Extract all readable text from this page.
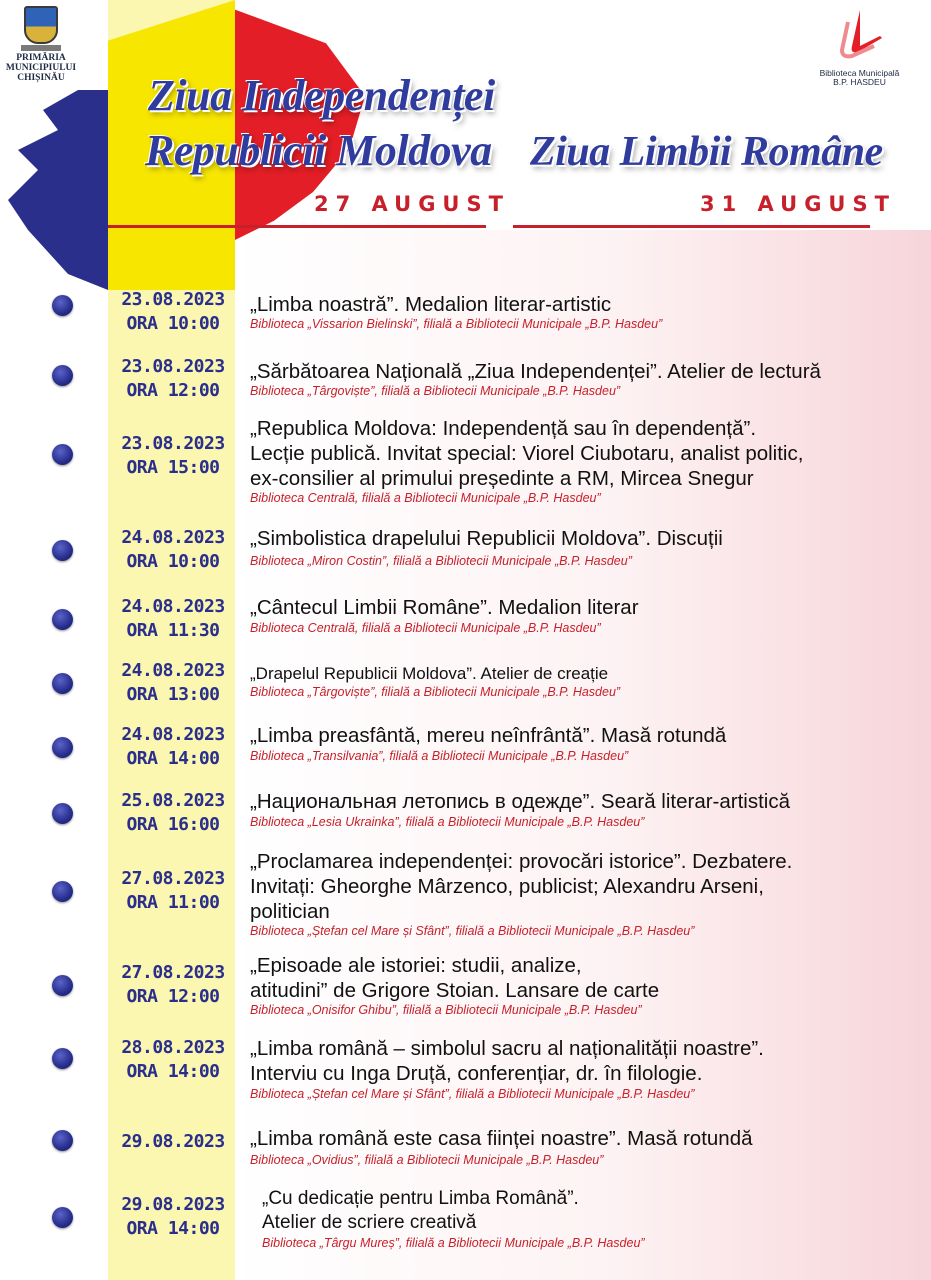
PRIMĂRIA
MUNICIPIULUI
CHIȘINĂU	Biblioteca Municipală
B.P. HASDEU
Ziua Independenței
Republicii Moldova Ziua Limbii Române
27 AUGUST	31 AUGUST
23.08.2023
ORA 10:00
„Limba noastră”. Medalion literar-artistic
Biblioteca „Vissarion Bielinski”, filială a Bibliotecii Municipale „B.P. Hasdeu”
23.08.2023
ORA 12:00
„Sărbătoarea Națională „Ziua Independenței”. Atelier de lectură
Biblioteca „Târgoviște”, filială a Bibliotecii Municipale „B.P. Hasdeu”
23.08.2023
ORA 15:00
„Republica Moldova: Independență sau în dependență”.
Lecție publică. Invitat special: Viorel Ciubotaru, analist politic,
ex-consilier al primului președinte a RM, Mircea Snegur
Biblioteca Centrală, filială a Bibliotecii Municipale „B.P. Hasdeu”
24.08.2023
ORA 10:00
„Simbolistica drapelului Republicii Moldova”. Discuții
Biblioteca „Miron Costin”, filială a Bibliotecii Municipale „B.P. Hasdeu”
24.08.2023
ORA 11:30
„Cântecul Limbii Române”. Medalion literar
Biblioteca Centrală, filială a Bibliotecii Municipale „B.P. Hasdeu”
24.08.2023
ORA 13:00
„Drapelul Republicii Moldova”. Atelier de creație
Biblioteca „Târgoviște”, filială a Bibliotecii Municipale „B.P. Hasdeu”
24.08.2023
ORA 14:00
„Limba preasfântă, mereu neînfrântă”. Masă rotundă
Biblioteca „Transilvania”, filială a Bibliotecii Municipale „B.P. Hasdeu”
25.08.2023
ORA 16:00
„Национальная летопись в одежде”. Seară literar-artistică
Biblioteca „Lesia Ukrainka”, filială a Bibliotecii Municipale „B.P. Hasdeu”
27.08.2023
ORA 11:00
„Proclamarea independenței: provocări istorice”. Dezbatere.
Invitați: Gheorghe Mârzenco, publicist; Alexandru Arseni,
politician
Biblioteca „Ștefan cel Mare și Sfânt”, filială a Bibliotecii Municipale „B.P. Hasdeu”
27.08.2023
ORA 12:00
„Episoade ale istoriei: studii, analize,
atitudini” de Grigore Stoian. Lansare de carte
Biblioteca „Onisifor Ghibu”, filială a Bibliotecii Municipale „B.P. Hasdeu”
28.08.2023
ORA 14:00
„Limba română – simbolul sacru al naționalității noastre”.
Interviu cu Inga Druță, conferențiar, dr. în filologie.
Biblioteca „Ștefan cel Mare și Sfânt”, filială a Bibliotecii Municipale „B.P. Hasdeu”
29.08.2023 „Limba română este casa ființei noastre”. Masă rotundă
Biblioteca „Ovidius”, filială a Bibliotecii Municipale „B.P. Hasdeu”
29.08.2023
ORA 14:00
„Cu dedicație pentru Limba Română”.
Atelier de scriere creativă
Biblioteca „Târgu Mureș”, filială a Bibliotecii Municipale „B.P. Hasdeu”
